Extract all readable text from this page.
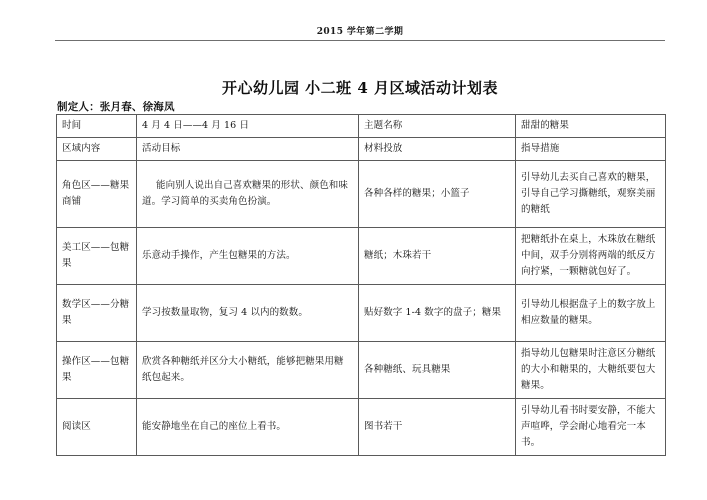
2015 学年第二学期
开心幼儿园 小二班 4 月区域活动计划表
制定人：张月春、徐海凤
时间	4 月 4 日——4 月 16 日	主题名称	甜甜的糖果
区域内容	活动目标	材料投放	指导措施
角色区——糖果商铺	能向别人说出自己喜欢糖果的形状、颜色和味道。学习简单的买卖角色扮演。	各种各样的糖果；小篮子	引导幼儿去买自己喜欢的糖果，引导自己学习撕糖纸，观察美丽的糖纸
美工区——包糖果	乐意动手操作，产生包糖果的方法。	糖纸；木珠若干	把糖纸扑在桌上，木珠放在糖纸中间，双手分别将两端的纸反方向拧紧，一颗糖就包好了。
数学区——分糖果	学习按数量取物，复习 4 以内的数数。	贴好数字 1-4 数字的盘子；糖果	引导幼儿根据盘子上的数字放上相应数量的糖果。
操作区——包糖果	欣赏各种糖纸并区分大小糖纸，能够把糖果用糖纸包起来。	各种糖纸、玩具糖果	指导幼儿包糖果时注意区分糖纸的大小和糖果的，大糖纸要包大糖果。
阅读区	能安静地坐在自己的座位上看书。	图书若干	引导幼儿看书时要安静，不能大声喧哗，学会耐心地看完一本书。
